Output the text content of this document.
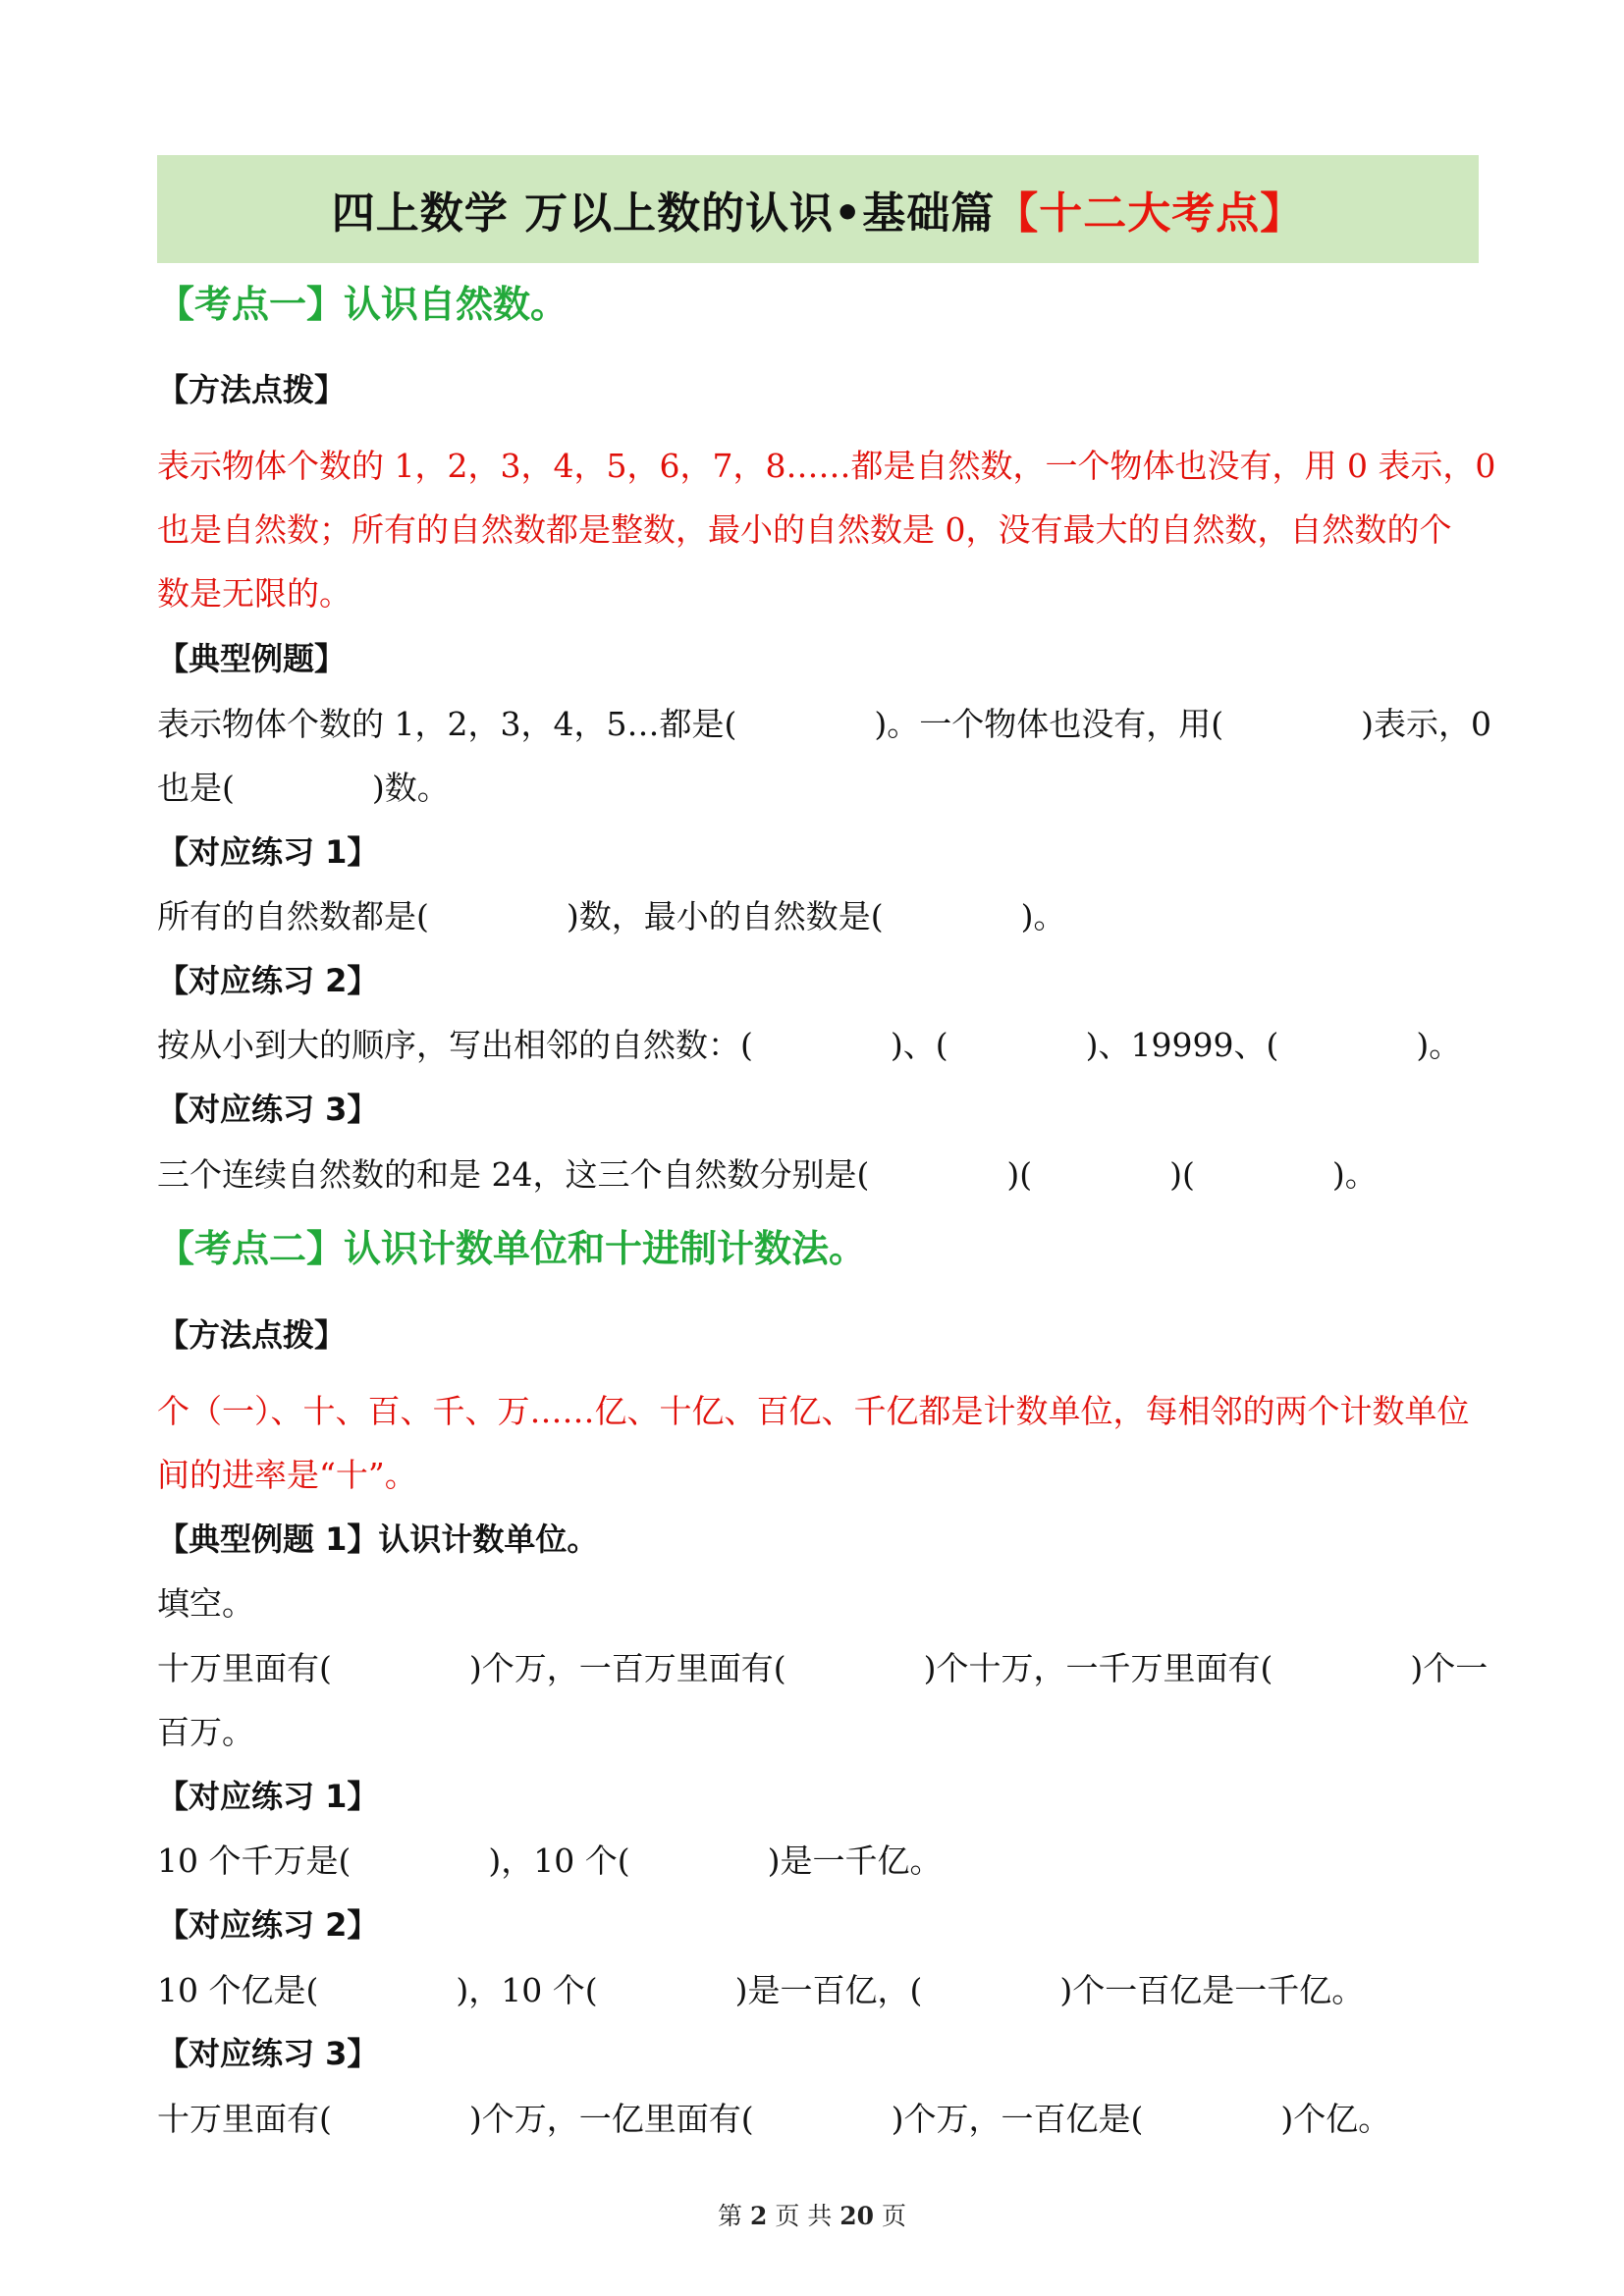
四上数学 万以上数的认识•基础篇【十二大考点】
【考点一】认识自然数。
【方法点拨】
表示物体个数的 1，2，3，4，5，6，7，8……都是自然数，一个物体也没有，用 0 表示，0
也是自然数；所有的自然数都是整数，最小的自然数是 0，没有最大的自然数，自然数的个
数是无限的。
【典型例题】
表示物体个数的 1，2，3，4，5…都是(	)。一个物体也没有，用(	)表示，0
也是(	)数。
【对应练习 1】
所有的自然数都是(	)数，最小的自然数是(	)。
【对应练习 2】
按从小到大的顺序，写出相邻的自然数：(	)、(	)、19999、(	)。
【对应练习 3】
三个连续自然数的和是 24，这三个自然数分别是(	)(	)(	)。
【考点二】认识计数单位和十进制计数法。
【方法点拨】
个（一）、十、百、千、万……亿、十亿、百亿、千亿都是计数单位，每相邻的两个计数单位
间的进率是“十”。
【典型例题 1】认识计数单位。
填空。
十万里面有(	)个万，一百万里面有(	)个十万，一千万里面有(	)个一
百万。
【对应练习 1】
10 个千万是(	)，10 个(	)是一千亿。
【对应练习 2】
10 个亿是(	)，10 个(	)是一百亿，(	)个一百亿是一千亿。
【对应练习 3】
十万里面有(	)个万，一亿里面有(	)个万，一百亿是(	)个亿。
第 2 页 共 20 页
